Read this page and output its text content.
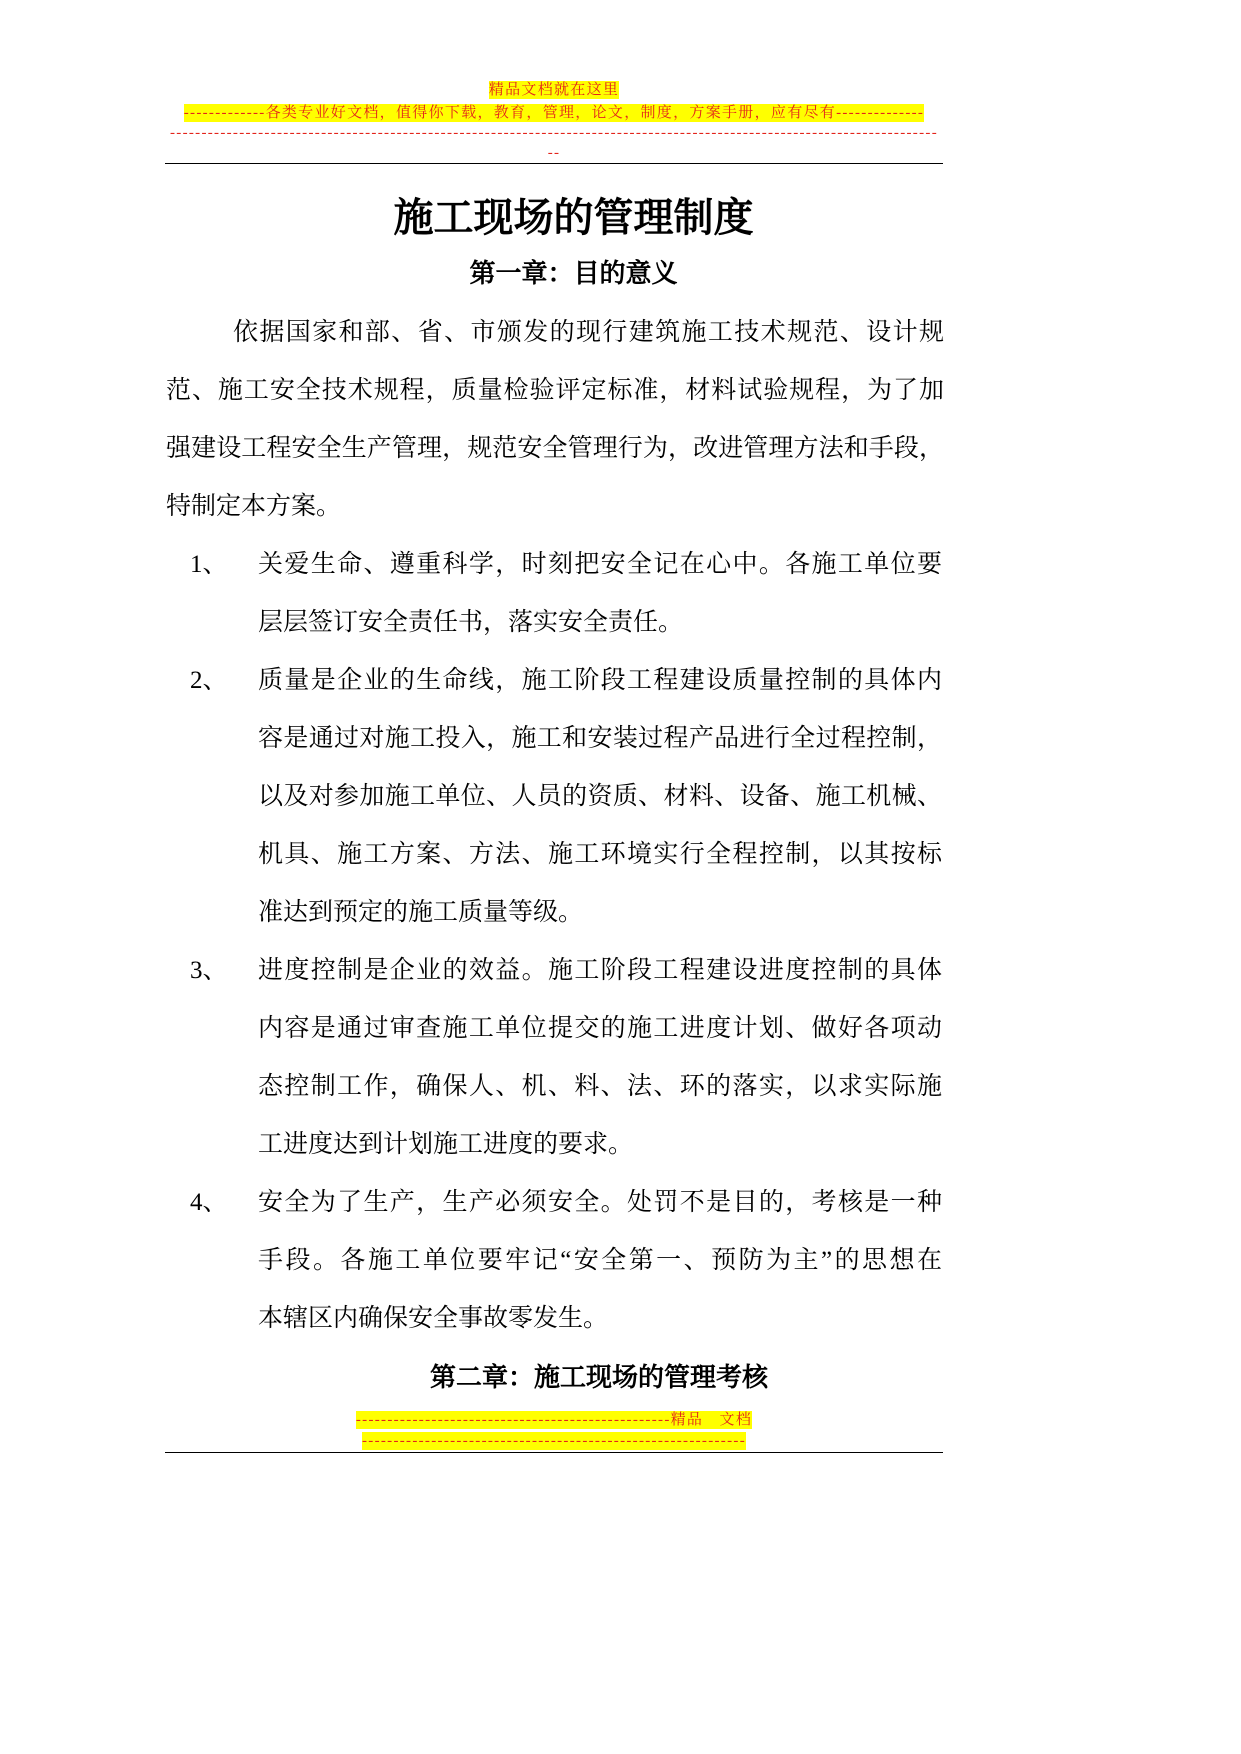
精品文档就在这里
-------------各类专业好文档，值得你下载，教育，管理，论文，制度，方案手册，应有尽有--------------
--------------------------------------------------------------------------------------------------------------------------
--
施工现场的管理制度
第一章：目的意义
依据国家和部、省、市颁发的现行建筑施工技术规范、设计规
范、施工安全技术规程，质量检验评定标准，材料试验规程，为了加
强建设工程安全生产管理，规范安全管理行为，改进管理方法和手段，
特制定本方案。
1、 关爱生命、遵重科学，时刻把安全记在心中。各施工单位要
层层签订安全责任书，落实安全责任。
2、 质量是企业的生命线，施工阶段工程建设质量控制的具体内
容是通过对施工投入，施工和安装过程产品进行全过程控制，
以及对参加施工单位、人员的资质、材料、设备、施工机械、
机具、施工方案、方法、施工环境实行全程控制，以其按标
准达到预定的施工质量等级。
3、 进度控制是企业的效益。施工阶段工程建设进度控制的具体
内容是通过审查施工单位提交的施工进度计划、做好各项动
态控制工作，确保人、机、料、法、环的落实，以求实际施
工进度达到计划施工进度的要求。
4、 安全为了生产，生产必须安全。处罚不是目的，考核是一种
手段。各施工单位要牢记“安全第一、预防为主”的思想在
本辖区内确保安全事故零发生。
第二章：施工现场的管理考核
--------------------------------------------------精品　文档
-------------------------------------------------------------
